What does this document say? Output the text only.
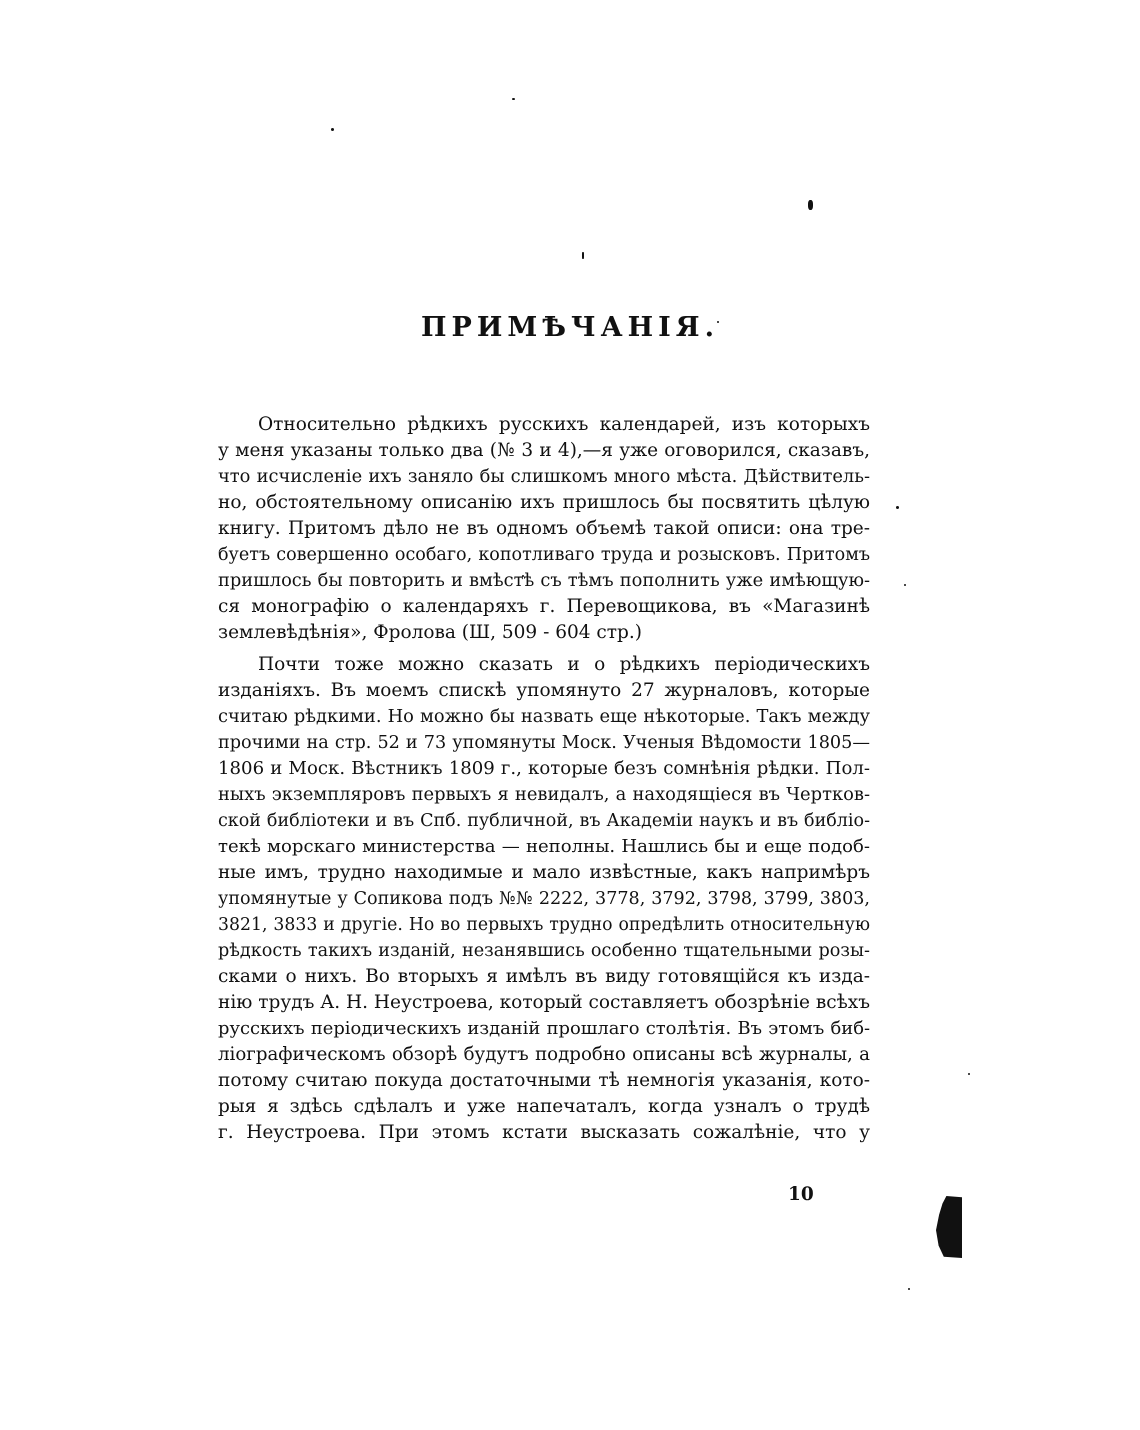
ПРИМѢЧАНІЯ.
Относительно рѣдкихъ русскихъ календарей, изъ которыхъ
у меня указаны только два (№ 3 и 4),—я уже оговорился, сказавъ,
что исчисленіе ихъ заняло бы слишкомъ много мѣста. Дѣйствитель-
но, обстоятельному описанію ихъ пришлось бы посвятить цѣлую
книгу. Притомъ дѣло не въ одномъ объемѣ такой описи: она тре-
буетъ совершенно особаго, копотливаго труда и розысковъ. Притомъ
пришлось бы повторить и вмѣстѣ съ тѣмъ пополнить уже имѣющую-
ся монографію о календаряхъ г. Перевощикова, въ «Магазинѣ
землевѣдѣнія», Фролова (Ш, 509 - 604 стр.)
Почти тоже можно сказать и о рѣдкихъ періодическихъ
изданіяхъ. Въ моемъ спискѣ упомянуто 27 журналовъ, которые
считаю рѣдкими. Но можно бы назвать еще нѣкоторые. Такъ между
прочими на стр. 52 и 73 упомянуты Моск. Ученыя Вѣдомости 1805—
1806 и Моск. Вѣстникъ 1809 г., которые безъ сомнѣнія рѣдки. Пол-
ныхъ экземпляровъ первыхъ я невидалъ, а находящіеся въ Чертков-
ской библіотеки и въ Спб. публичной, въ Академіи наукъ и въ библіо-
текѣ морскаго министерства — неполны. Нашлись бы и еще подоб-
ные имъ, трудно находимые и мало извѣстные, какъ напримѣръ
упомянутые у Сопикова подъ №№ 2222, 3778, 3792, 3798, 3799, 3803,
3821, 3833 и другіе. Но во первыхъ трудно опредѣлить относительную
рѣдкость такихъ изданій, незанявшись особенно тщательными розы-
сками о нихъ. Во вторыхъ я имѣлъ въ виду готовящійся къ изда-
нію трудъ А. Н. Неустроева, который составляетъ обозрѣніе всѣхъ
русскихъ періодическихъ изданій прошлаго столѣтія. Въ этомъ биб-
ліографическомъ обзорѣ будутъ подробно описаны всѣ журналы, а
потому считаю покуда достаточными тѣ немногія указанія, кото-
рыя я здѣсь сдѣлалъ и уже напечаталъ, когда узналъ о трудѣ
г. Неустроева. При этомъ кстати высказать сожалѣніе, что у
10
